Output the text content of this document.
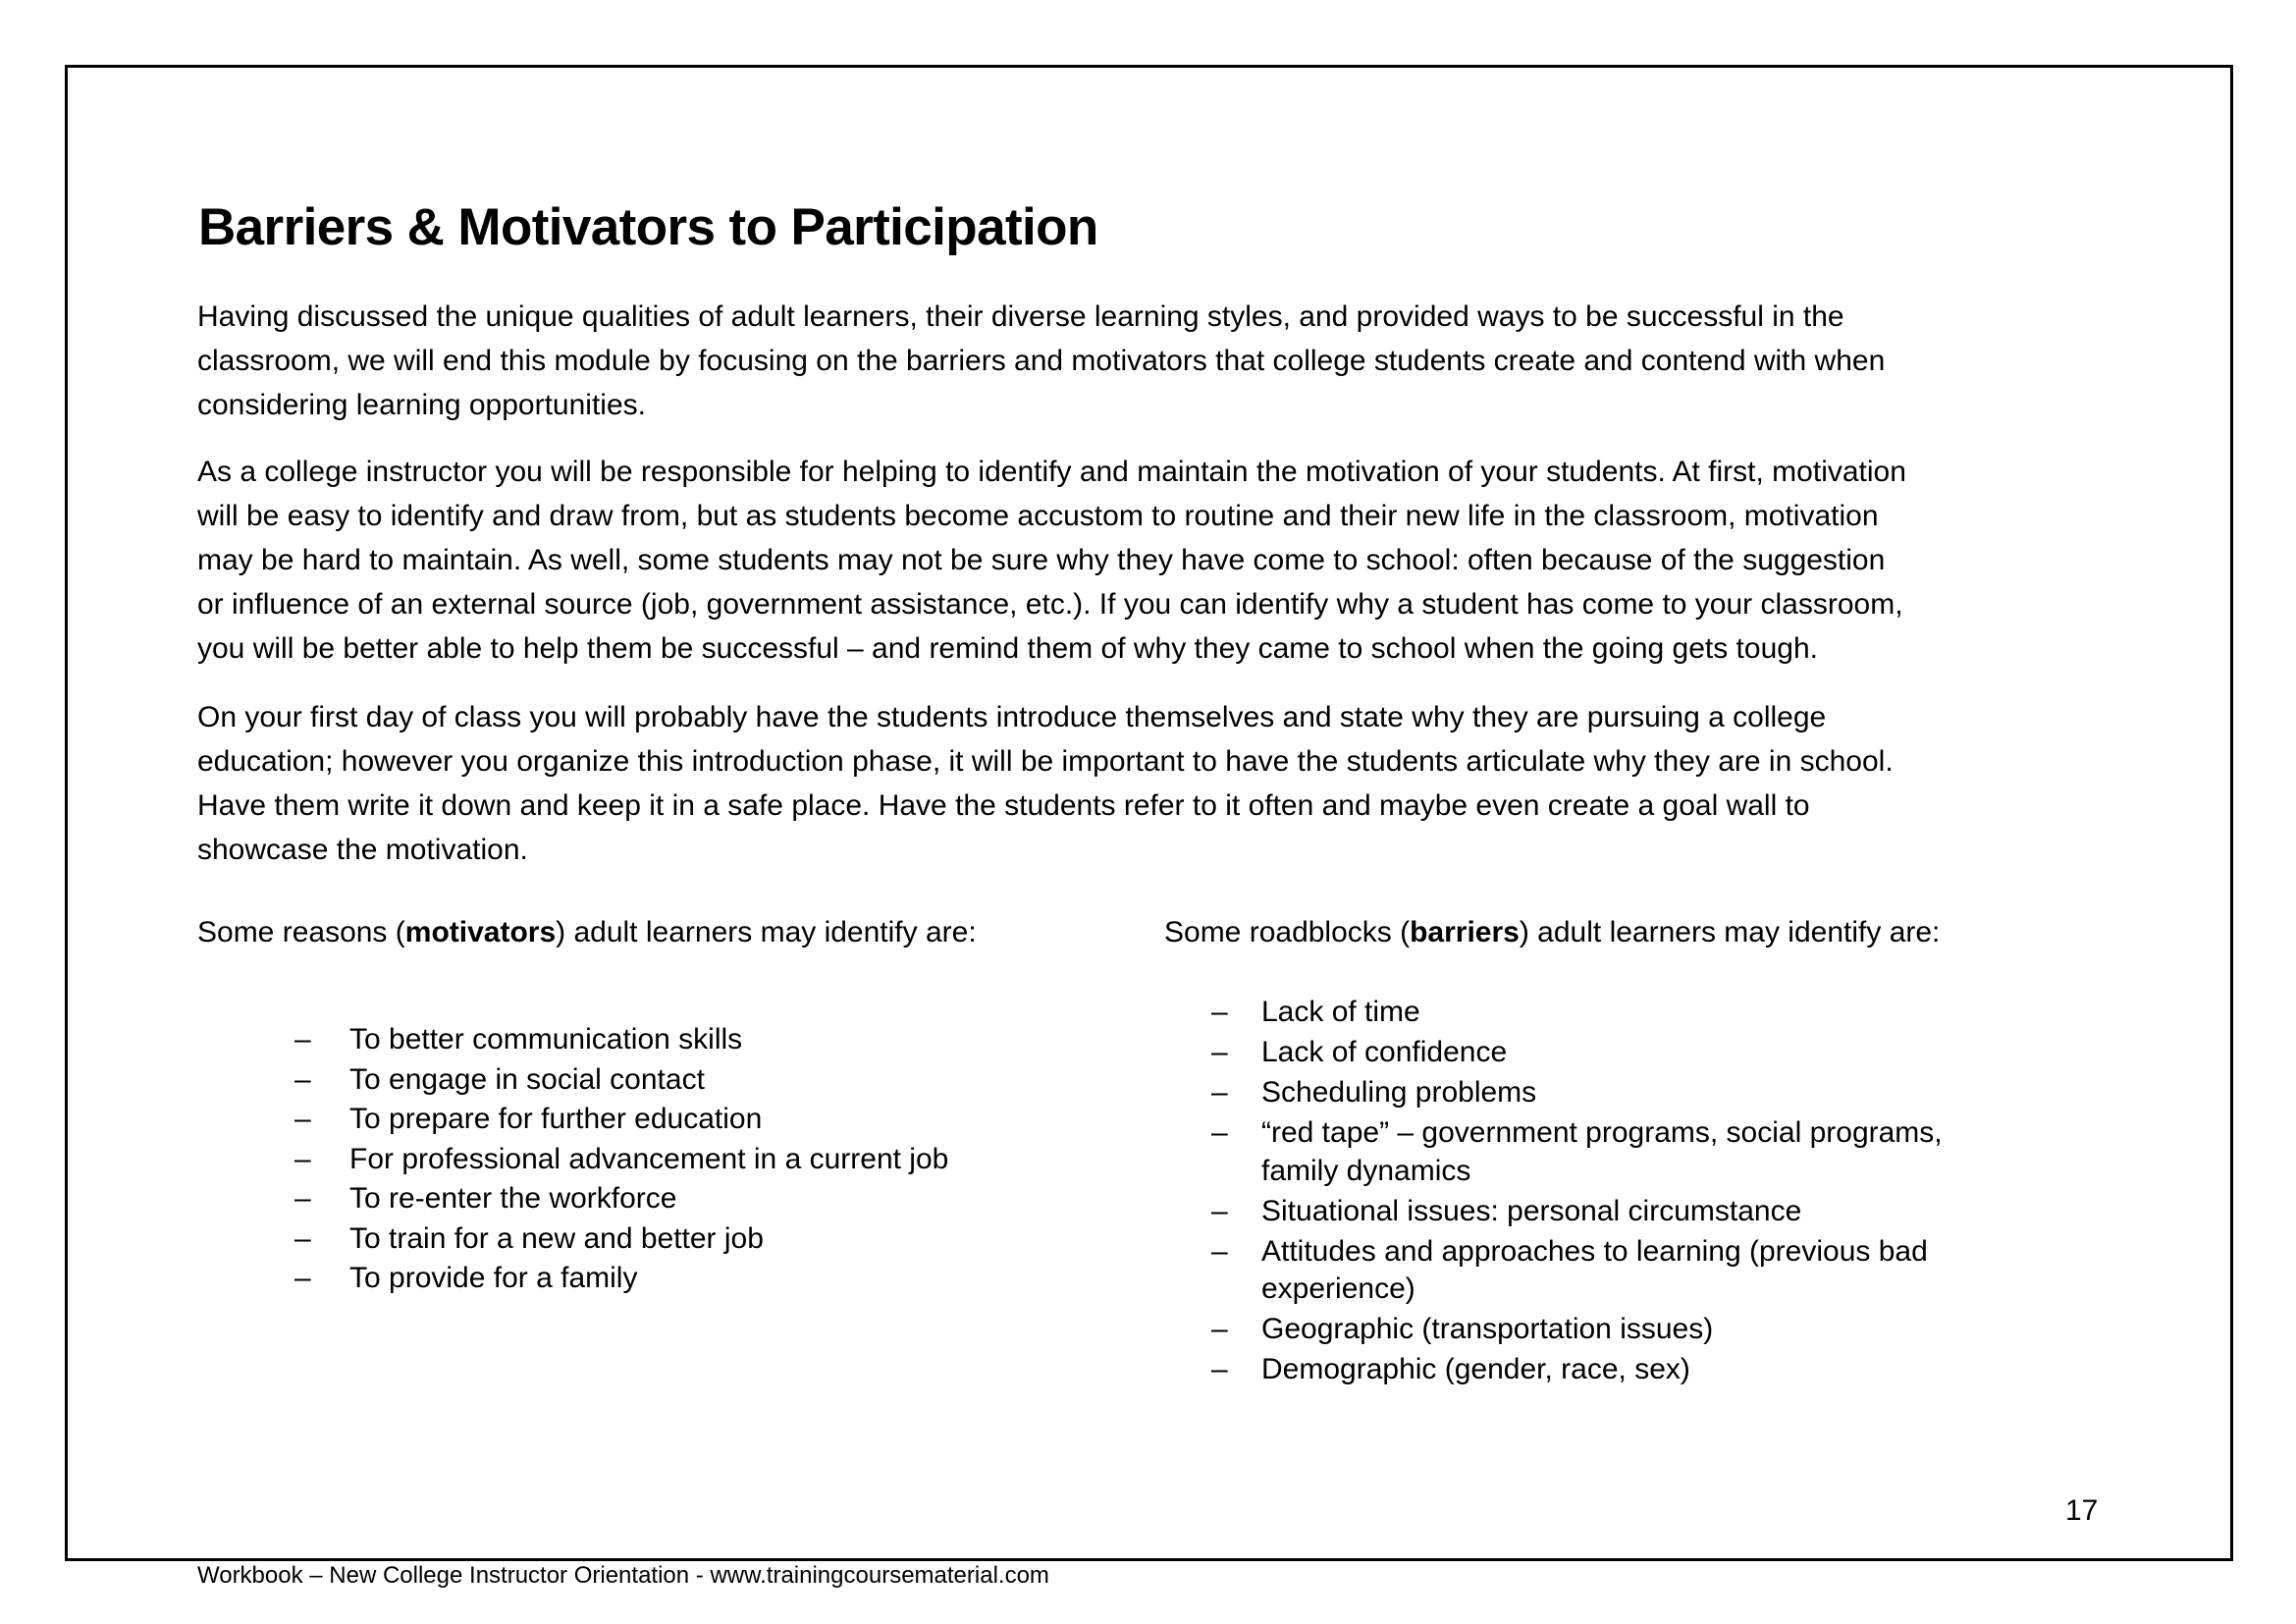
Barriers & Motivators to Participation
Having discussed the unique qualities of adult learners, their diverse learning styles, and provided ways to be successful in the
classroom, we will end this module by focusing on the barriers and motivators that college students create and contend with when
considering learning opportunities.
As a college instructor you will be responsible for helping to identify and maintain the motivation of your students. At first, motivation
will be easy to identify and draw from, but as students become accustom to routine and their new life in the classroom, motivation
may be hard to maintain. As well, some students may not be sure why they have come to school: often because of the suggestion
or influence of an external source (job, government assistance, etc.). If you can identify why a student has come to your classroom,
you will be better able to help them be successful – and remind them of why they came to school when the going gets tough.
On your first day of class you will probably have the students introduce themselves and state why they are pursuing a college
education; however you organize this introduction phase, it will be important to have the students articulate why they are in school.
Have them write it down and keep it in a safe place. Have the students refer to it often and maybe even create a goal wall to
showcase the motivation.
Some reasons (motivators) adult learners may identify are:	Some roadblocks (barriers) adult learners may identify are:
– To better communication skills
– To engage in social contact
– To prepare for further education
– For professional advancement in a current job
– To re-enter the workforce
– To train for a new and better job
– To provide for a family
– Lack of time
– Lack of confidence
– Scheduling problems
– “red tape” – government programs, social programs, family dynamics
– Situational issues: personal circumstance
– Attitudes and approaches to learning (previous bad experience)
– Geographic (transportation issues)
– Demographic (gender, race, sex)
17
Workbook – New College Instructor Orientation - www.trainingcoursematerial.com
